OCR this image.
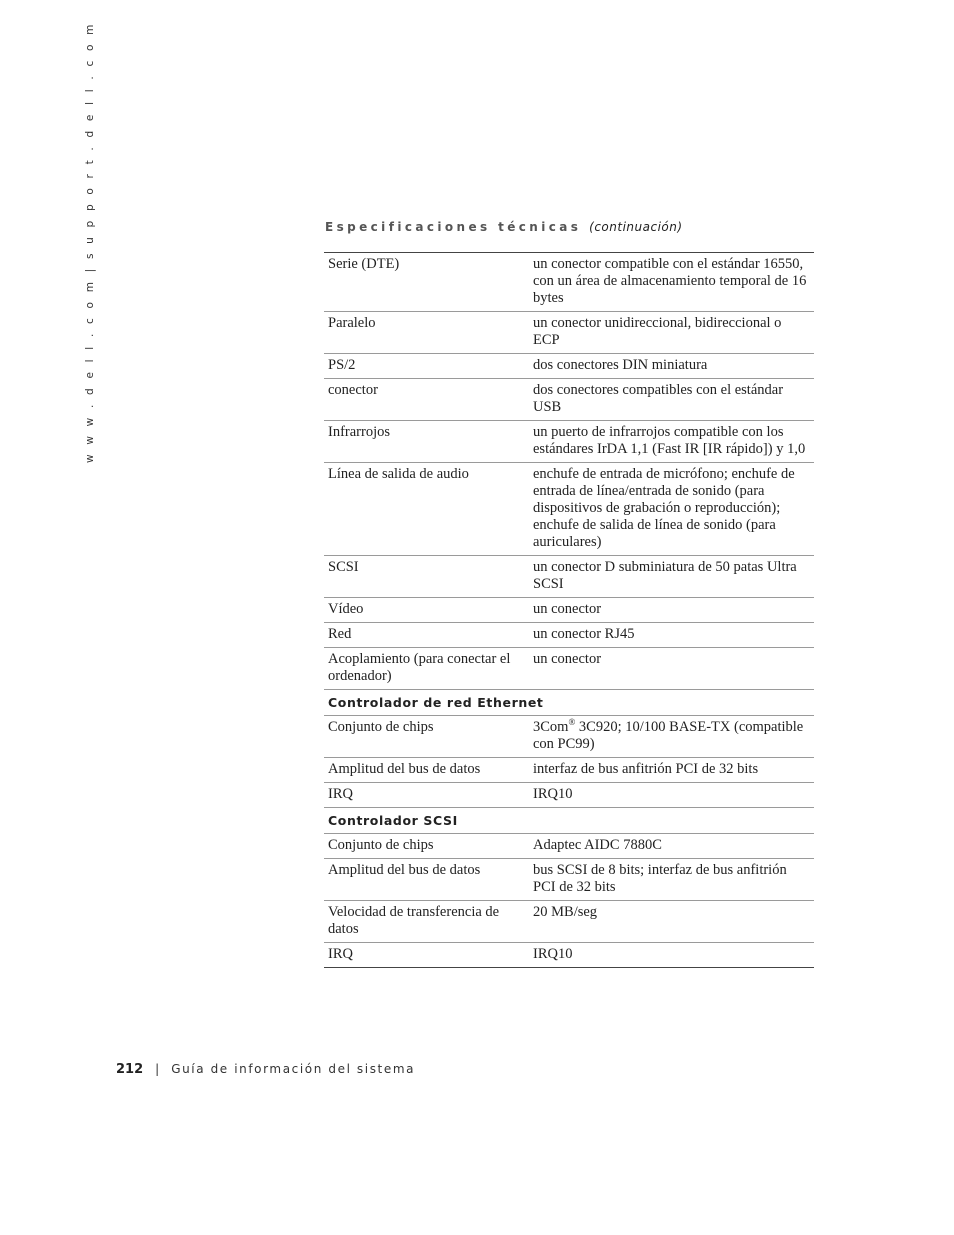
w w w . d e l l . c o m | s u p p o r t . d e l l . c o m	Especificaciones técnicas (continuación)
Serie (DTE)	un conector compatible con el estándar 16550, con un área de almacenamiento temporal de 16 bytes
Paralelo	un conector unidireccional, bidireccional o ECP
PS/2	dos conectores DIN miniatura
conector	dos conectores compatibles con el estándar USB
Infrarrojos	un puerto de infrarrojos compatible con los estándares IrDA 1,1 (Fast IR [IR rápido]) y 1,0
Línea de salida de audio	enchufe de entrada de micrófono; enchufe de entrada de línea/entrada de sonido (para dispositivos de grabación o reproducción); enchufe de salida de línea de sonido (para auriculares)
SCSI	un conector D subminiatura de 50 patas Ultra SCSI
Vídeo	un conector
Red	un conector RJ45
Acoplamiento (para conectar el ordenador)	un conector
Controlador de red Ethernet	
Conjunto de chips	3Com® 3C920; 10/100 BASE-TX (compatible con PC99)
Amplitud del bus de datos	interfaz de bus anfitrión PCI de 32 bits
IRQ	IRQ10
Controlador SCSI	
Conjunto de chips	Adaptec AIDC 7880C
Amplitud del bus de datos	bus SCSI de 8 bits; interfaz de bus anfitrión PCI de 32 bits
Velocidad de transferencia de datos	20 MB/seg
IRQ	IRQ10
212 | Guía de información del sistema
